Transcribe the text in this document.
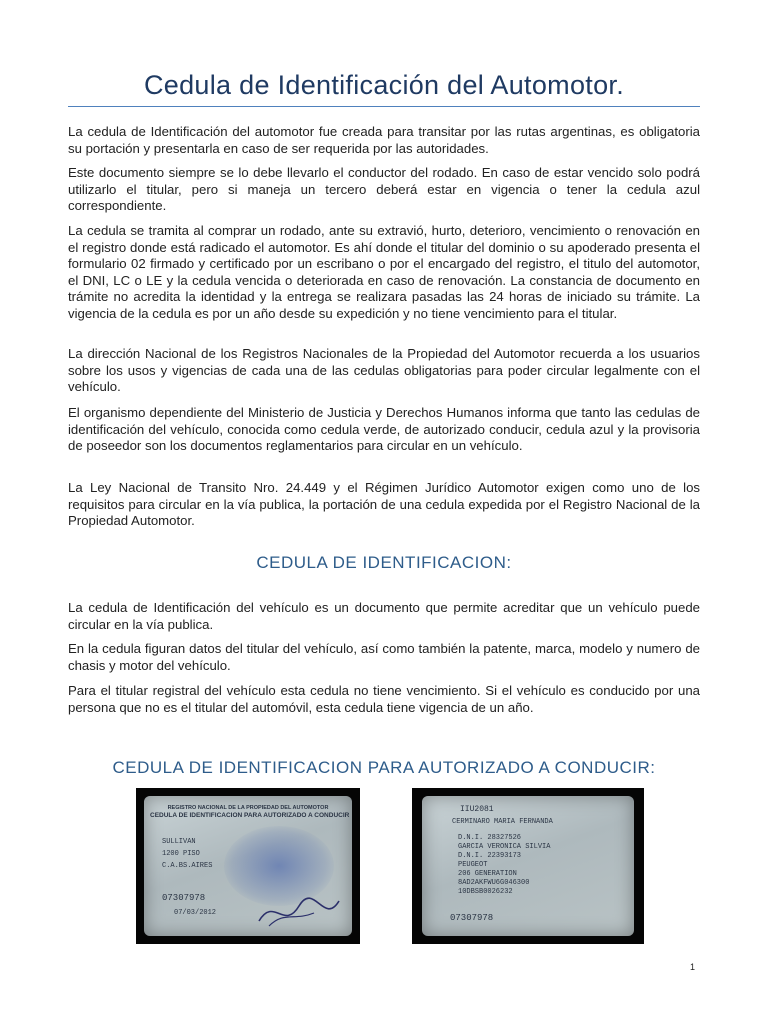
Cedula de Identificación del Automotor.

La cedula de Identificación del automotor fue creada para transitar por las rutas argentinas, es obligatoria su portación y presentarla en caso de ser requerida por las autoridades.

Este documento siempre se lo debe llevarlo el conductor del rodado. En caso de estar vencido solo podrá utilizarlo el titular, pero si maneja un tercero deberá estar en vigencia o tener la cedula azul correspondiente.

La cedula se tramita al comprar un rodado, ante su extravió, hurto, deterioro, vencimiento o renovación en el registro donde está radicado el automotor. Es ahí donde el titular del dominio o su apoderado presenta el formulario 02 firmado y certificado por un escribano o por el encargado del registro, el titulo del automotor, el DNI, LC o LE y la cedula vencida o deteriorada en caso de renovación. La constancia de documento en trámite no acredita la identidad y la entrega se realizara pasadas las 24 horas de iniciado su trámite. La vigencia de la cedula es por un año desde su expedición y no tiene vencimiento para el titular.

La dirección Nacional de los Registros Nacionales de la Propiedad del Automotor recuerda a los usuarios sobre los usos y vigencias de cada una de las cedulas obligatorias para poder circular legalmente con el vehículo.

El organismo dependiente del Ministerio de Justicia y Derechos Humanos informa que tanto las cedulas de identificación del vehículo, conocida como cedula verde, de autorizado conducir, cedula azul y la provisoria de poseedor son los documentos reglamentarios para circular en un vehículo.

La Ley Nacional de Transito Nro. 24.449 y el Régimen Jurídico Automotor exigen como uno de los requisitos para circular en la vía publica, la portación de una cedula expedida por el Registro Nacional de la Propiedad Automotor.

CEDULA DE IDENTIFICACION:

La cedula de Identificación del vehículo es un documento que permite acreditar que un vehículo puede circular en la vía publica.

En la cedula figuran datos del titular del vehículo, así como también la patente, marca, modelo y numero de chasis y motor del vehículo.

Para el titular registral del vehículo esta cedula no tiene vencimiento. Si el vehículo es conducido por una persona que no es el titular del automóvil, esta cedula tiene vigencia de un año.

CEDULA DE IDENTIFICACION PARA AUTORIZADO A CONDUCIR:
REGISTRO NACIONAL DE LA PROPIEDAD DEL AUTOMOTOR
CEDULA DE IDENTIFICACION PARA AUTORIZADO A CONDUCIR
SULLIVAN
1200 PISO
C.A.BS.AIRES
07307978
07/03/2012
IIU2081
CERMINARO MARIA FERNANDA
D.N.I. 28327526
GARCIA VERONICA SILVIA
D.N.I. 22393173
PEUGEOT
206 GENERATION
8AD2AKFWU6G046300
10DBSB0026232
07307978
1
